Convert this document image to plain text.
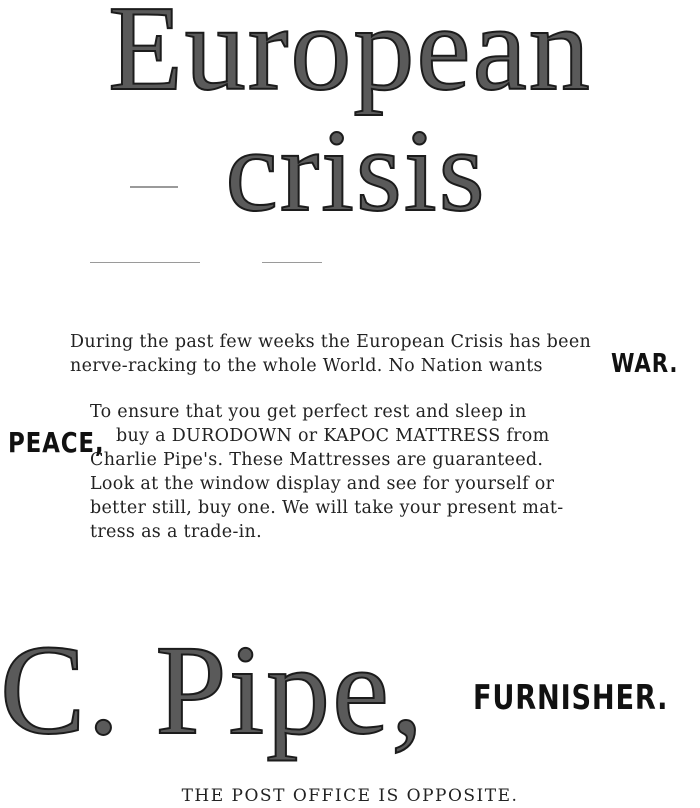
European
crisis
During the past few weeks the European Crisis has been
nerve-racking to the whole World. No Nation wants	WAR.
To ensure that you get perfect rest and sleep in
buy a DURODOWN or KAPOC MATTRESS from
Charlie Pipe's. These Mattresses are guaranteed.
Look at the window display and see for yourself or
better still, buy one. We will take your present mat-
tress as a trade-in.
PEACE,
C. Pipe, FURNISHER.
THE POST OFFICE IS OPPOSITE.
